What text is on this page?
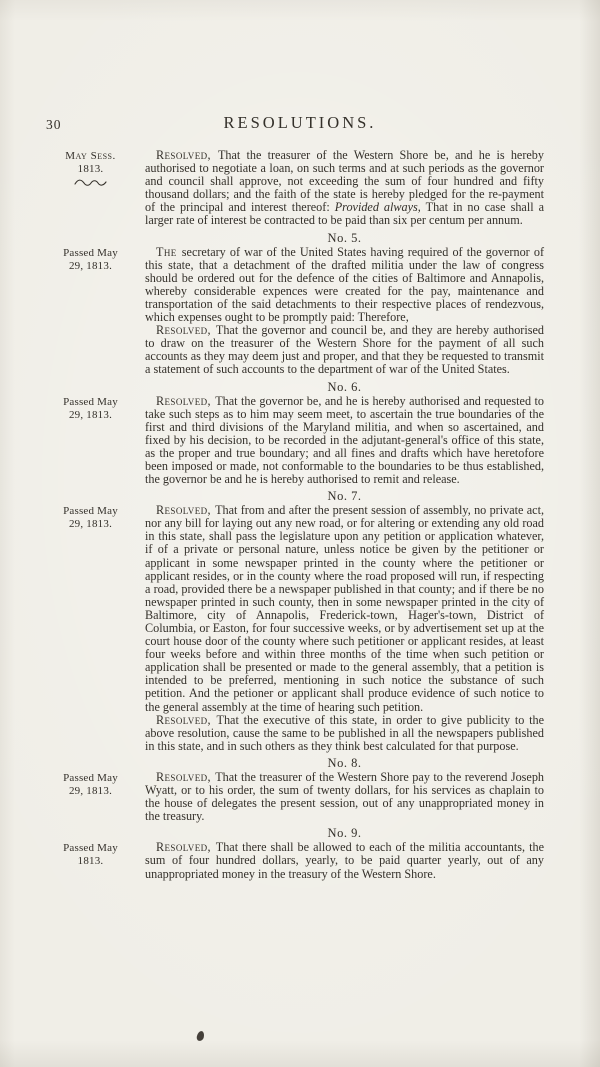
30	RESOLUTIONS.
May Sess.
1813.

Resolved, That the treasurer of the Western Shore be, and he is hereby authorised to negotiate a loan, on such terms and at such periods as the governor and council shall approve, not exceeding the sum of four hundred and fifty thousand dollars; and the faith of the state is hereby pledged for the re-payment of the principal and interest thereof: Provided always, That in no case shall a larger rate of interest be contracted to be paid than six per centum per annum.

No. 5.
Passed May
29, 1813.

The secretary of war of the United States having required of the governor of this state, that a detachment of the drafted militia under the law of congress should be ordered out for the defence of the cities of Baltimore and Annapolis, whereby considerable expences were created for the pay, maintenance and transportation of the said detachments to their respective places of rendezvous, which expenses ought to be promptly paid: Therefore,

Resolved, That the governor and council be, and they are hereby authorised to draw on the treasurer of the Western Shore for the payment of all such accounts as they may deem just and proper, and that they be requested to transmit a statement of such accounts to the department of war of the United States.

No. 6.
Passed May
29, 1813.

Resolved, That the governor be, and he is hereby authorised and requested to take such steps as to him may seem meet, to ascertain the true boundaries of the first and third divisions of the Maryland militia, and when so ascertained, and fixed by his decision, to be recorded in the adjutant-general's office of this state, as the proper and true boundary; and all fines and drafts which have heretofore been imposed or made, not conformable to the boundaries to be thus established, the governor be and he is hereby authorised to remit and release.

No. 7.
Passed May
29, 1813.

Resolved, That from and after the present session of assembly, no private act, nor any bill for laying out any new road, or for altering or extending any old road in this state, shall pass the legislature upon any petition or application whatever, if of a private or personal nature, unless notice be given by the petitioner or applicant in some newspaper printed in the county where the petitioner or applicant resides, or in the county where the road proposed will run, if respecting a road, provided there be a newspaper published in that county; and if there be no newspaper printed in such county, then in some newspaper printed in the city of Baltimore, city of Annapolis, Frederick-town, Hager's-town, District of Columbia, or Easton, for four successive weeks, or by advertisement set up at the court house door of the county where such petitioner or applicant resides, at least four weeks before and within three months of the time when such petition or application shall be presented or made to the general assembly, that a petition is intended to be preferred, mentioning in such notice the substance of such petition. And the petioner or applicant shall produce evidence of such notice to the general assembly at the time of hearing such petition.

Resolved, That the executive of this state, in order to give publicity to the above resolution, cause the same to be published in all the newspapers published in this state, and in such others as they think best calculated for that purpose.

No. 8.
Passed May
29, 1813.

Resolved, That the treasurer of the Western Shore pay to the reverend Joseph Wyatt, or to his order, the sum of twenty dollars, for his services as chaplain to the house of delegates the present session, out of any unappropriated money in the treasury.

No. 9.
Passed May
1813.

Resolved, That there shall be allowed to each of the militia accountants, the sum of four hundred dollars, yearly, to be paid quarter yearly, out of any unappropriated money in the treasury of the Western Shore.
